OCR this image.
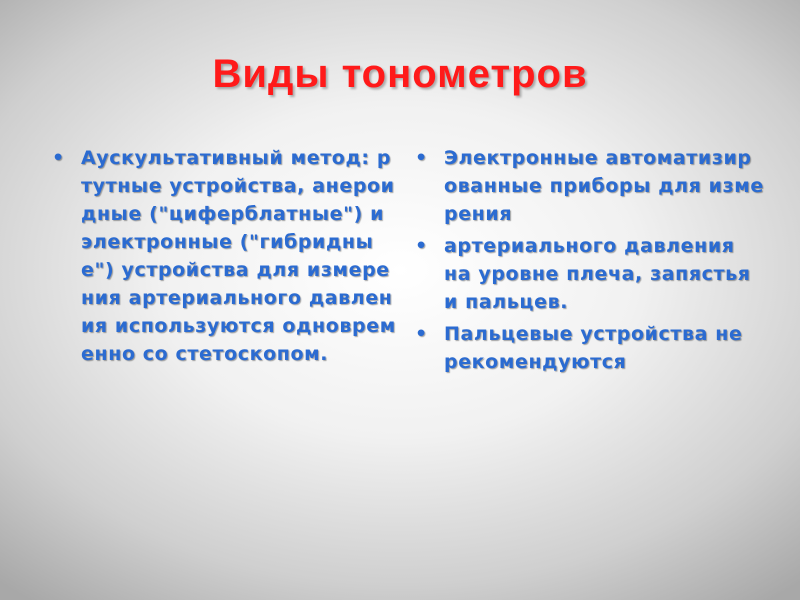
Виды тонометров
• Аускультативный метод: ртутные устройства, анероидные ("циферблатные") и электронные ("гибридные") устройства для измерения артериального давления используются одновременно со стетоскопом.
• Электронные автоматизированные приборы для измерения
• артериального давления на уровне плеча, запястья и пальцев.
• Пальцевые устройства не рекомендуются
